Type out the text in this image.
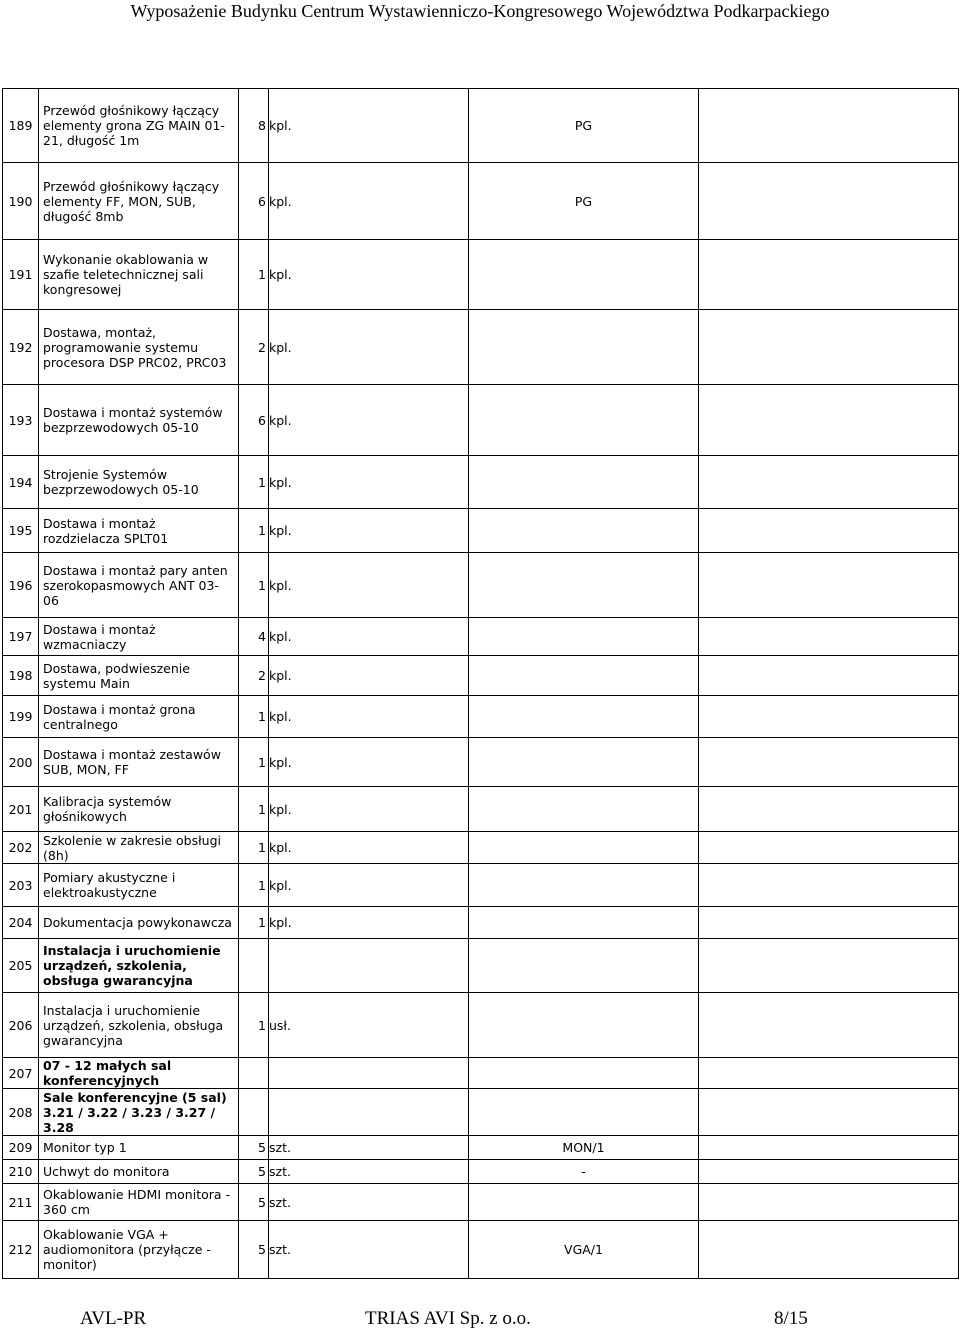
Wyposażenie Budynku Centrum Wystawienniczo-Kongresowego Województwa Podkarpackiego
189	Przewód głośnikowy łączący elementy grona ZG MAIN 01-21, długość 1m	8	kpl.	PG	
190	Przewód głośnikowy łączący elementy FF, MON, SUB, długość 8mb	6	kpl.	PG	
191	Wykonanie okablowania w szafie teletechnicznej sali kongresowej	1	kpl.		
192	Dostawa, montaż, programowanie systemu procesora DSP PRC02, PRC03	2	kpl.		
193	Dostawa i montaż systemów bezprzewodowych 05-10	6	kpl.		
194	Strojenie Systemów bezprzewodowych 05-10	1	kpl.		
195	Dostawa i montaż rozdzielacza SPLT01	1	kpl.		
196	Dostawa i montaż pary anten szerokopasmowych ANT 03-06	1	kpl.		
197	Dostawa i montaż wzmacniaczy	4	kpl.		
198	Dostawa, podwieszenie systemu Main	2	kpl.		
199	Dostawa i montaż grona centralnego	1	kpl.		
200	Dostawa i montaż zestawów SUB, MON, FF	1	kpl.		
201	Kalibracja systemów głośnikowych	1	kpl.		
202	Szkolenie w zakresie obsługi (8h)	1	kpl.		
203	Pomiary akustyczne i elektroakustyczne	1	kpl.		
204	Dokumentacja powykonawcza	1	kpl.		
205	Instalacja i uruchomienie urządzeń, szkolenia, obsługa gwarancyjna				
206	Instalacja i uruchomienie urządzeń, szkolenia, obsługa gwarancyjna	1	usł.		
207	07 - 12 małych sal konferencyjnych				
208	Sale konferencyjne (5 sal) 3.21 / 3.22 / 3.23 / 3.27 / 3.28				
209	Monitor typ 1	5	szt.	MON/1	
210	Uchwyt do monitora	5	szt.	-	
211	Okablowanie HDMI monitora - 360 cm	5	szt.		
212	Okablowanie VGA + audiomonitora (przyłącze - monitor)	5	szt.	VGA/1	
AVL-PR	TRIAS AVI Sp. z o.o.	8/15
